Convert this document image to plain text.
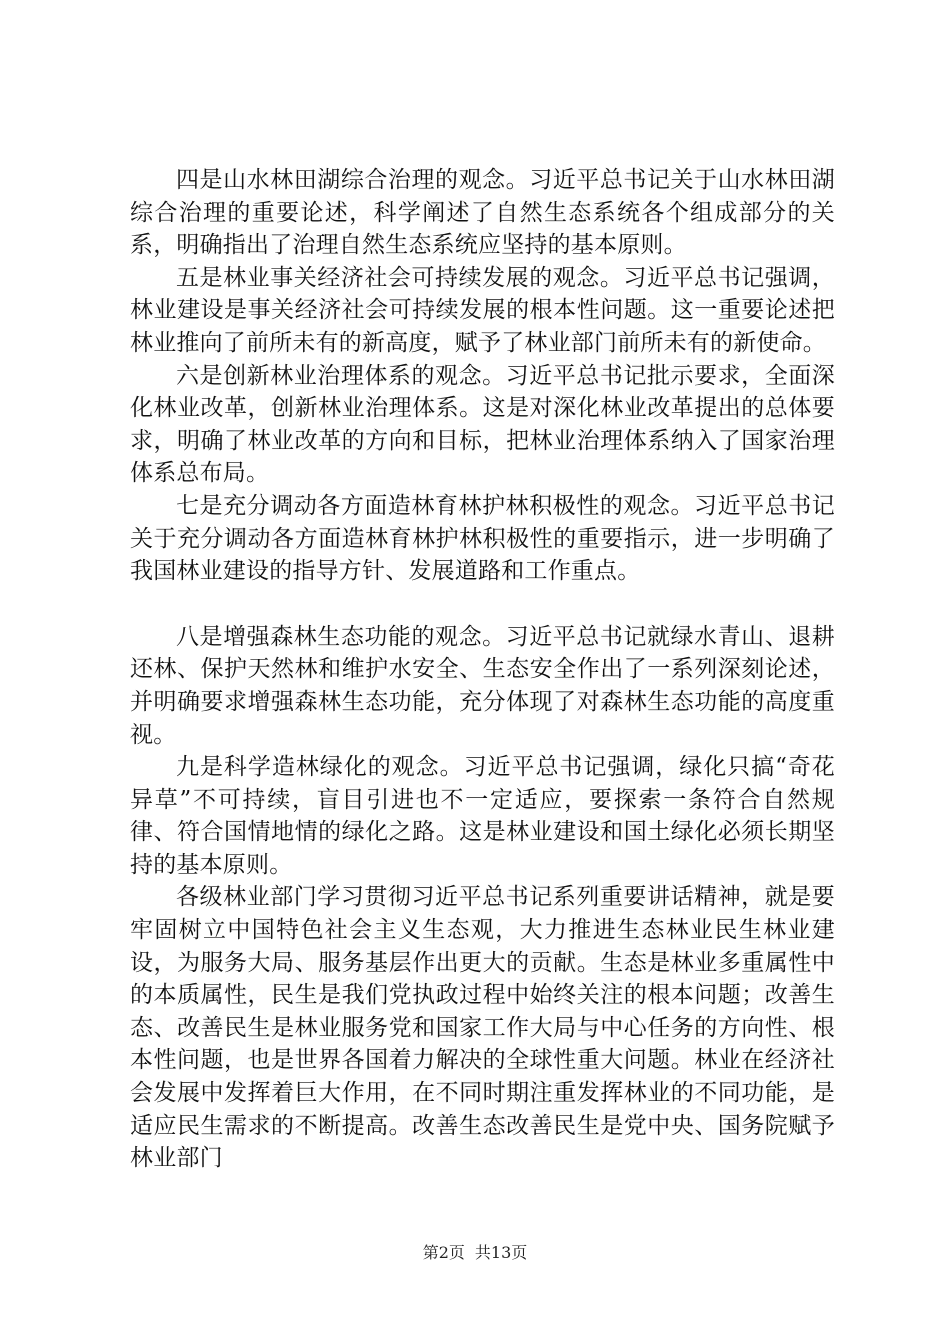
四是山水林田湖综合治理的观念。习近平总书记关于山水林田湖综合治理的重要论述，科学阐述了自然生态系统各个组成部分的关系，明确指出了治理自然生态系统应坚持的基本原则。

五是林业事关经济社会可持续发展的观念。习近平总书记强调，林业建设是事关经济社会可持续发展的根本性问题。这一重要论述把林业推向了前所未有的新高度，赋予了林业部门前所未有的新使命。

六是创新林业治理体系的观念。习近平总书记批示要求，全面深化林业改革，创新林业治理体系。这是对深化林业改革提出的总体要求，明确了林业改革的方向和目标，把林业治理体系纳入了国家治理体系总布局。

七是充分调动各方面造林育林护林积极性的观念。习近平总书记关于充分调动各方面造林育林护林积极性的重要指示，进一步明确了我国林业建设的指导方针、发展道路和工作重点。

八是增强森林生态功能的观念。习近平总书记就绿水青山、退耕还林、保护天然林和维护水安全、生态安全作出了一系列深刻论述，并明确要求增强森林生态功能，充分体现了对森林生态功能的高度重视。

九是科学造林绿化的观念。习近平总书记强调，绿化只搞“奇花异草”不可持续，盲目引进也不一定适应，要探索一条符合自然规律、符合国情地情的绿化之路。这是林业建设和国土绿化必须长期坚持的基本原则。

各级林业部门学习贯彻习近平总书记系列重要讲话精神，就是要牢固树立中国特色社会主义生态观，大力推进生态林业民生林业建设，为服务大局、服务基层作出更大的贡献。生态是林业多重属性中的本质属性，民生是我们党执政过程中始终关注的根本问题；改善生态、改善民生是林业服务党和国家工作大局与中心任务的方向性、根本性问题，也是世界各国着力解决的全球性重大问题。林业在经济社会发展中发挥着巨大作用，在不同时期注重发挥林业的不同功能，是适应民生需求的不断提高。改善生态改善民生是党中央、国务院赋予林业部门

第2页 共13页
